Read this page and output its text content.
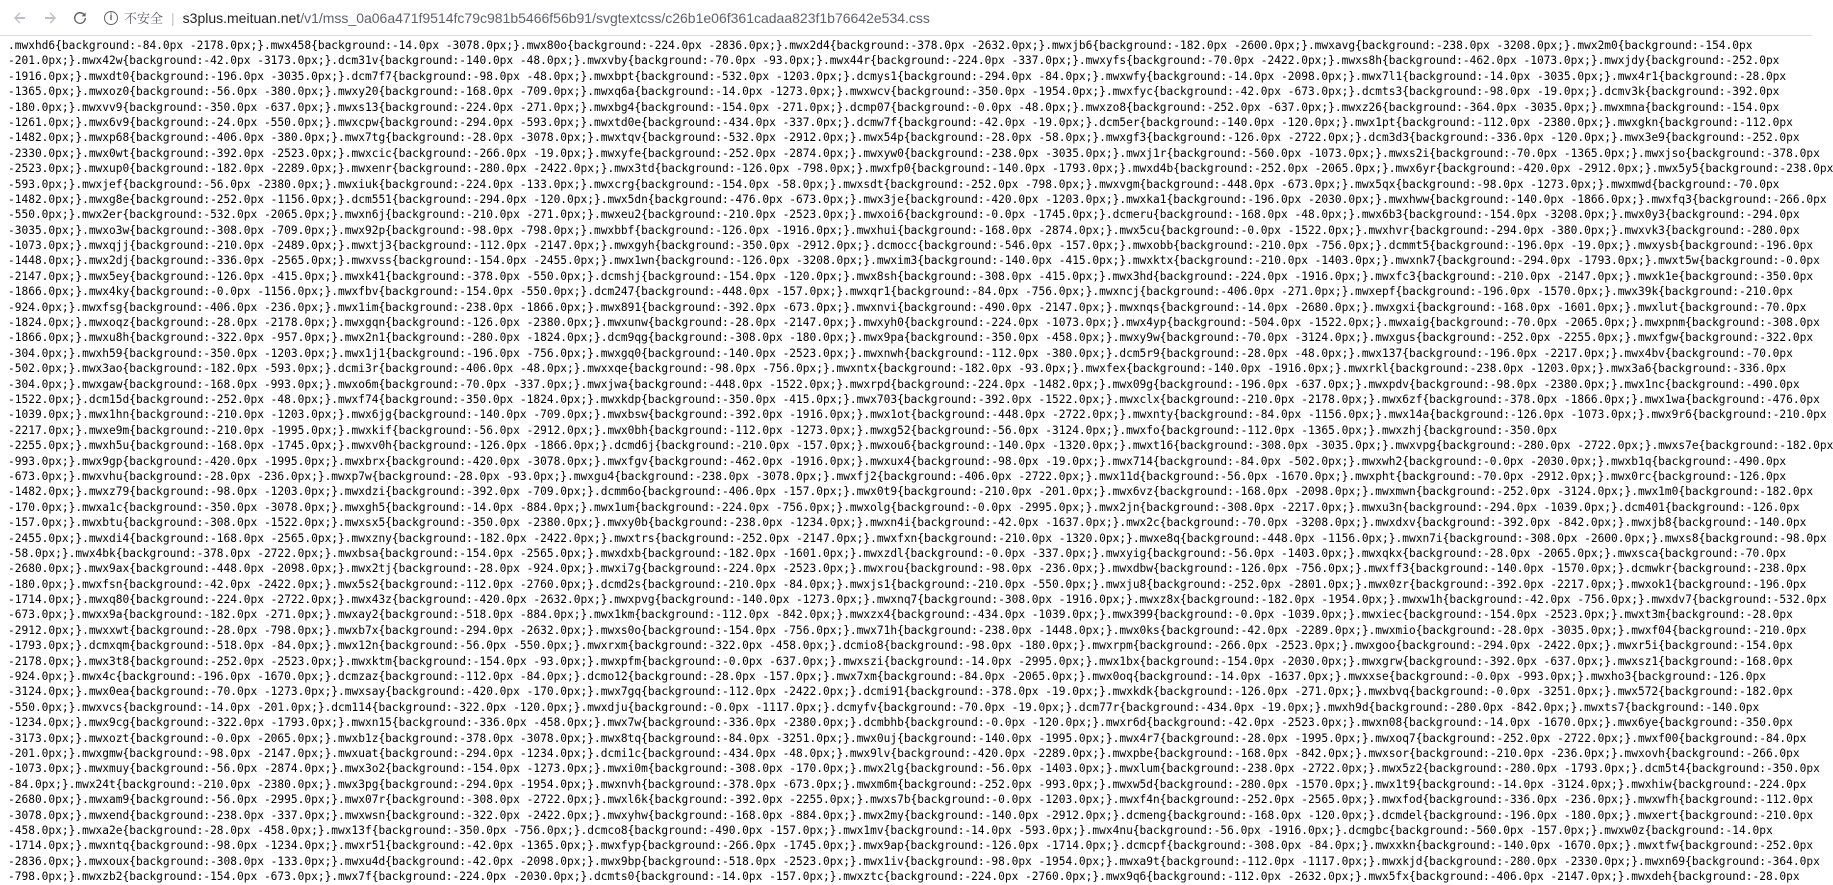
i 不安全 | s3plus.meituan.net /v1/mss_0a06a471f9514fc79c981b5466f56b91/svgtextcss/c26b1e06f361cadaa823f1b76642e534.css
.mwxhd6{background:-84.0px -2178.0px;}.mwx458{background:-14.0px -3078.0px;}.mwx80o{background:-224.0px -2836.0px;}.mwx2d4{background:-378.0px -2632.0px;}.mwxjb6{background:-182.0px -2600.0px;}.mwxavg{background:-238.0px -3208.0px;}.mwx2m0{background:-154.0px
-201.0px;}.mwx42w{background:-42.0px -3173.0px;}.dcm31v{background:-140.0px -48.0px;}.mwxvby{background:-70.0px -93.0px;}.mwx44r{background:-224.0px -337.0px;}.mwxyfs{background:-70.0px -2422.0px;}.mwxs8h{background:-462.0px -1073.0px;}.mwxjdy{background:-252.0px
-1916.0px;}.mwxdt0{background:-196.0px -3035.0px;}.dcm7f7{background:-98.0px -48.0px;}.mwxbpt{background:-532.0px -1203.0px;}.dcmys1{background:-294.0px -84.0px;}.mwxwfy{background:-14.0px -2098.0px;}.mwx7l1{background:-14.0px -3035.0px;}.mwx4r1{background:-28.0px
-1365.0px;}.mwxoz0{background:-56.0px -380.0px;}.mwxy20{background:-168.0px -709.0px;}.mwxq6a{background:-14.0px -1273.0px;}.mwxwcv{background:-350.0px -1954.0px;}.mwxfyc{background:-42.0px -673.0px;}.dcmts3{background:-98.0px -19.0px;}.dcmv3k{background:-392.0px
-180.0px;}.mwxvv9{background:-350.0px -637.0px;}.mwxs13{background:-224.0px -271.0px;}.mwxbg4{background:-154.0px -271.0px;}.dcmp07{background:-0.0px -48.0px;}.mwxzo8{background:-252.0px -637.0px;}.mwxz26{background:-364.0px -3035.0px;}.mwxmna{background:-154.0px
-1261.0px;}.mwx6v9{background:-24.0px -550.0px;}.mwxcpw{background:-294.0px -593.0px;}.mwxtd0e{background:-434.0px -337.0px;}.dcmw7f{background:-42.0px -19.0px;}.dcm5er{background:-140.0px -120.0px;}.mwx1pt{background:-112.0px -2380.0px;}.mwxgkn{background:-112.0px
-1482.0px;}.mwxp68{background:-406.0px -380.0px;}.mwx7tg{background:-28.0px -3078.0px;}.mwxtqv{background:-532.0px -2912.0px;}.mwx54p{background:-28.0px -58.0px;}.mwxgf3{background:-126.0px -2722.0px;}.dcm3d3{background:-336.0px -120.0px;}.mwx3e9{background:-252.0px
-2330.0px;}.mwx0wt{background:-392.0px -2523.0px;}.mwxcic{background:-266.0px -19.0px;}.mwxyfe{background:-252.0px -2874.0px;}.mwxyw0{background:-238.0px -3035.0px;}.mwxj1r{background:-560.0px -1073.0px;}.mwxs2i{background:-70.0px -1365.0px;}.mwxjso{background:-378.0px
-2523.0px;}.mwxup0{background:-182.0px -2289.0px;}.mwxenr{background:-280.0px -2422.0px;}.mwx3td{background:-126.0px -798.0px;}.mwxfp0{background:-140.0px -1793.0px;}.mwxd4b{background:-252.0px -2065.0px;}.mwx6yr{background:-420.0px -2912.0px;}.mwx5y5{background:-238.0px
-593.0px;}.mwxjef{background:-56.0px -2380.0px;}.mwxiuk{background:-224.0px -133.0px;}.mwxcrg{background:-154.0px -58.0px;}.mwxsdt{background:-252.0px -798.0px;}.mwxvgm{background:-448.0px -673.0px;}.mwx5qx{background:-98.0px -1273.0px;}.mwxmwd{background:-70.0px
-1482.0px;}.mwxg8e{background:-252.0px -1156.0px;}.dcm551{background:-294.0px -120.0px;}.mwx5dn{background:-476.0px -673.0px;}.mwx3je{background:-420.0px -1203.0px;}.mwxka1{background:-196.0px -2030.0px;}.mwxhww{background:-140.0px -1866.0px;}.mwxfq3{background:-266.0px
-550.0px;}.mwx2er{background:-532.0px -2065.0px;}.mwxn6j{background:-210.0px -271.0px;}.mwxeu2{background:-210.0px -2523.0px;}.mwxoi6{background:-0.0px -1745.0px;}.dcmeru{background:-168.0px -48.0px;}.mwx6b3{background:-154.0px -3208.0px;}.mwx0y3{background:-294.0px
-3035.0px;}.mwxo3w{background:-308.0px -709.0px;}.mwx92p{background:-98.0px -798.0px;}.mwxbbf{background:-126.0px -1916.0px;}.mwxhui{background:-168.0px -2874.0px;}.mwx5cu{background:-0.0px -1522.0px;}.mwxhvr{background:-294.0px -380.0px;}.mwxvk3{background:-280.0px
-1073.0px;}.mwxqjj{background:-210.0px -2489.0px;}.mwxtj3{background:-112.0px -2147.0px;}.mwxgyh{background:-350.0px -2912.0px;}.dcmocc{background:-546.0px -157.0px;}.mwxobb{background:-210.0px -756.0px;}.dcmmt5{background:-196.0px -19.0px;}.mwxysb{background:-196.0px
-1448.0px;}.mwx2dj{background:-336.0px -2565.0px;}.mwxvss{background:-154.0px -2455.0px;}.mwx1wn{background:-126.0px -3208.0px;}.mwxim3{background:-140.0px -415.0px;}.mwxktx{background:-210.0px -1403.0px;}.mwxnk7{background:-294.0px -1793.0px;}.mwxt5w{background:-0.0px
-2147.0px;}.mwx5ey{background:-126.0px -415.0px;}.mwxk41{background:-378.0px -550.0px;}.dcmshj{background:-154.0px -120.0px;}.mwx8sh{background:-308.0px -415.0px;}.mwx3hd{background:-224.0px -1916.0px;}.mwxfc3{background:-210.0px -2147.0px;}.mwxk1e{background:-350.0px
-1866.0px;}.mwx4ky{background:-0.0px -1156.0px;}.mwxfbv{background:-154.0px -550.0px;}.dcm247{background:-448.0px -157.0px;}.mwxqr1{background:-84.0px -756.0px;}.mwxncj{background:-406.0px -271.0px;}.mwxepf{background:-196.0px -1570.0px;}.mwx39k{background:-210.0px
-924.0px;}.mwxfsg{background:-406.0px -236.0px;}.mwx1im{background:-238.0px -1866.0px;}.mwx891{background:-392.0px -673.0px;}.mwxnvi{background:-490.0px -2147.0px;}.mwxnqs{background:-14.0px -2680.0px;}.mwxgxi{background:-168.0px -1601.0px;}.mwxlut{background:-70.0px
-1824.0px;}.mwxoqz{background:-28.0px -2178.0px;}.mwxgqn{background:-126.0px -2380.0px;}.mwxunw{background:-28.0px -2147.0px;}.mwxyh0{background:-224.0px -1073.0px;}.mwx4yp{background:-504.0px -1522.0px;}.mwxaig{background:-70.0px -2065.0px;}.mwxpnm{background:-308.0px
-1866.0px;}.mwxu8h{background:-322.0px -957.0px;}.mwx2n1{background:-280.0px -1824.0px;}.dcm9qg{background:-308.0px -180.0px;}.mwx9pa{background:-350.0px -458.0px;}.mwxy9w{background:-70.0px -3124.0px;}.mwxgus{background:-252.0px -2255.0px;}.mwxfgw{background:-322.0px
-304.0px;}.mwxh59{background:-350.0px -1203.0px;}.mwx1j1{background:-196.0px -756.0px;}.mwxgq0{background:-140.0px -2523.0px;}.mwxnwh{background:-112.0px -380.0px;}.dcm5r9{background:-28.0px -48.0px;}.mwx137{background:-196.0px -2217.0px;}.mwx4bv{background:-70.0px
-502.0px;}.mwx3ao{background:-182.0px -593.0px;}.dcmi3r{background:-406.0px -48.0px;}.mwxxqe{background:-98.0px -756.0px;}.mwxntx{background:-182.0px -93.0px;}.mwxfex{background:-140.0px -1916.0px;}.mwxrkl{background:-238.0px -1203.0px;}.mwx3a6{background:-336.0px
-304.0px;}.mwxgaw{background:-168.0px -993.0px;}.mwxo6m{background:-70.0px -337.0px;}.mwxjwa{background:-448.0px -1522.0px;}.mwxrpd{background:-224.0px -1482.0px;}.mwx09g{background:-196.0px -637.0px;}.mwxpdv{background:-98.0px -2380.0px;}.mwx1nc{background:-490.0px
-1522.0px;}.dcm15d{background:-252.0px -48.0px;}.mwxf74{background:-350.0px -1824.0px;}.mwxkdp{background:-350.0px -415.0px;}.mwx703{background:-392.0px -1522.0px;}.mwxclx{background:-210.0px -2178.0px;}.mwx6zf{background:-378.0px -1866.0px;}.mwx1wa{background:-476.0px
-1039.0px;}.mwx1hn{background:-210.0px -1203.0px;}.mwx6jg{background:-140.0px -709.0px;}.mwxbsw{background:-392.0px -1916.0px;}.mwx1ot{background:-448.0px -2722.0px;}.mwxnty{background:-84.0px -1156.0px;}.mwx14a{background:-126.0px -1073.0px;}.mwx9r6{background:-210.0px
-2217.0px;}.mwxe9m{background:-210.0px -1995.0px;}.mwxkif{background:-56.0px -2912.0px;}.mwx0bh{background:-112.0px -1273.0px;}.mwxg52{background:-56.0px -3124.0px;}.mwxfo{background:-112.0px -1365.0px;}.mwxzhj{background:-350.0px
-2255.0px;}.mwxh5u{background:-168.0px -1745.0px;}.mwxv0h{background:-126.0px -1866.0px;}.dcmd6j{background:-210.0px -157.0px;}.mwxou6{background:-140.0px -1320.0px;}.mwxt16{background:-308.0px -3035.0px;}.mwxvpg{background:-280.0px -2722.0px;}.mwxs7e{background:-182.0px
-993.0px;}.mwx9gp{background:-420.0px -1995.0px;}.mwxbrx{background:-420.0px -3078.0px;}.mwxfgv{background:-462.0px -1916.0px;}.mwxux4{background:-98.0px -19.0px;}.mwx714{background:-84.0px -502.0px;}.mwxwh2{background:-0.0px -2030.0px;}.mwxb1q{background:-490.0px
-673.0px;}.mwxvhu{background:-28.0px -236.0px;}.mwxp7w{background:-28.0px -93.0px;}.mwxgu4{background:-238.0px -3078.0px;}.mwxfj2{background:-406.0px -2722.0px;}.mwx11d{background:-56.0px -1670.0px;}.mwxpht{background:-70.0px -2912.0px;}.mwx0rc{background:-126.0px
-1482.0px;}.mwxz79{background:-98.0px -1203.0px;}.mwxdzi{background:-392.0px -709.0px;}.dcmm6o{background:-406.0px -157.0px;}.mwx0t9{background:-210.0px -201.0px;}.mwx6vz{background:-168.0px -2098.0px;}.mwxmwn{background:-252.0px -3124.0px;}.mwx1m0{background:-182.0px
-170.0px;}.mwxa1c{background:-350.0px -3078.0px;}.mwxgh5{background:-14.0px -884.0px;}.mwx1um{background:-224.0px -756.0px;}.mwxolg{background:-0.0px -2995.0px;}.mwx2jn{background:-308.0px -2217.0px;}.mwxu3n{background:-294.0px -1039.0px;}.dcm401{background:-126.0px
-157.0px;}.mwxbtu{background:-308.0px -1522.0px;}.mwxsx5{background:-350.0px -2380.0px;}.mwxy0b{background:-238.0px -1234.0px;}.mwxn4i{background:-42.0px -1637.0px;}.mwx2c{background:-70.0px -3208.0px;}.mwxdxv{background:-392.0px -842.0px;}.mwxjb8{background:-140.0px
-2455.0px;}.mwxdi4{background:-168.0px -2565.0px;}.mwxzny{background:-182.0px -2422.0px;}.mwxtrs{background:-252.0px -2147.0px;}.mwxfxn{background:-210.0px -1320.0px;}.mwxe8q{background:-448.0px -1156.0px;}.mwxn7i{background:-308.0px -2600.0px;}.mwxs8{background:-98.0px
-58.0px;}.mwx4bk{background:-378.0px -2722.0px;}.mwxbsa{background:-154.0px -2565.0px;}.mwxdxb{background:-182.0px -1601.0px;}.mwxzdl{background:-0.0px -337.0px;}.mwxyig{background:-56.0px -1403.0px;}.mwxqkx{background:-28.0px -2065.0px;}.mwxsca{background:-70.0px
-2680.0px;}.mwx9ax{background:-448.0px -2098.0px;}.mwx2tj{background:-28.0px -924.0px;}.mwxi7g{background:-224.0px -2523.0px;}.mwxrou{background:-98.0px -236.0px;}.mwxdbw{background:-126.0px -756.0px;}.mwxff3{background:-140.0px -1570.0px;}.dcmwkr{background:-238.0px
-180.0px;}.mwxfsn{background:-42.0px -2422.0px;}.mwx5s2{background:-112.0px -2760.0px;}.dcmd2s{background:-210.0px -84.0px;}.mwxjs1{background:-210.0px -550.0px;}.mwxju8{background:-252.0px -2801.0px;}.mwx0zr{background:-392.0px -2217.0px;}.mwxok1{background:-196.0px
-1714.0px;}.mwxq80{background:-224.0px -2722.0px;}.mwx43z{background:-420.0px -2632.0px;}.mwxpvg{background:-140.0px -1273.0px;}.mwxnq7{background:-308.0px -1916.0px;}.mwxz8x{background:-182.0px -1954.0px;}.mwxw1h{background:-42.0px -756.0px;}.mwxdv7{background:-532.0px
-673.0px;}.mwxx9a{background:-182.0px -271.0px;}.mwxay2{background:-518.0px -884.0px;}.mwx1km{background:-112.0px -842.0px;}.mwxzx4{background:-434.0px -1039.0px;}.mwx399{background:-0.0px -1039.0px;}.mwxiec{background:-154.0px -2523.0px;}.mwxt3m{background:-28.0px
-2912.0px;}.mwxxwt{background:-28.0px -798.0px;}.mwxb7x{background:-294.0px -2632.0px;}.mwxs0o{background:-154.0px -756.0px;}.mwx71h{background:-238.0px -1448.0px;}.mwx0ks{background:-42.0px -2289.0px;}.mwxmio{background:-28.0px -3035.0px;}.mwxf04{background:-210.0px
-1793.0px;}.dcmxqm{background:-518.0px -84.0px;}.mwx12n{background:-56.0px -550.0px;}.mwxrxm{background:-322.0px -458.0px;}.dcmio8{background:-98.0px -180.0px;}.mwxrpm{background:-266.0px -2523.0px;}.mwxgoo{background:-294.0px -2422.0px;}.mwxr5i{background:-154.0px
-2178.0px;}.mwx3t8{background:-252.0px -2523.0px;}.mwxktm{background:-154.0px -93.0px;}.mwxpfm{background:-0.0px -637.0px;}.mwxszi{background:-14.0px -2995.0px;}.mwx1bx{background:-154.0px -2030.0px;}.mwxgrw{background:-392.0px -637.0px;}.mwxsz1{background:-168.0px
-924.0px;}.mwx4c{background:-196.0px -1670.0px;}.dcmzaz{background:-112.0px -84.0px;}.dcmo12{background:-28.0px -157.0px;}.mwx7xm{background:-84.0px -2065.0px;}.mwx0oq{background:-14.0px -1637.0px;}.mwxxse{background:-0.0px -993.0px;}.mwxho3{background:-126.0px
-3124.0px;}.mwx0ea{background:-70.0px -1273.0px;}.mwxsay{background:-420.0px -170.0px;}.mwx7gq{background:-112.0px -2422.0px;}.dcmi91{background:-378.0px -19.0px;}.mwxkdk{background:-126.0px -271.0px;}.mwxbvq{background:-0.0px -3251.0px;}.mwx572{background:-182.0px
-550.0px;}.mwxvcs{background:-14.0px -201.0px;}.dcm114{background:-322.0px -120.0px;}.mwxdju{background:-0.0px -1117.0px;}.dcmyfv{background:-70.0px -19.0px;}.dcm77r{background:-434.0px -19.0px;}.mwxh9d{background:-280.0px -842.0px;}.mwxts7{background:-140.0px
-1234.0px;}.mwx9cg{background:-322.0px -1793.0px;}.mwxn15{background:-336.0px -458.0px;}.mwx7w{background:-336.0px -2380.0px;}.dcmbhb{background:-0.0px -120.0px;}.mwxr6d{background:-42.0px -2523.0px;}.mwxn08{background:-14.0px -1670.0px;}.mwx6ye{background:-350.0px
-3173.0px;}.mwxozt{background:-0.0px -2065.0px;}.mwxb1z{background:-378.0px -3078.0px;}.mwx8tq{background:-84.0px -3251.0px;}.mwx0uj{background:-140.0px -1995.0px;}.mwx4r7{background:-28.0px -1995.0px;}.mwxoq7{background:-252.0px -2722.0px;}.mwxf00{background:-84.0px
-201.0px;}.mwxgmw{background:-98.0px -2147.0px;}.mwxuat{background:-294.0px -1234.0px;}.dcmi1c{background:-434.0px -48.0px;}.mwx9lv{background:-420.0px -2289.0px;}.mwxpbe{background:-168.0px -842.0px;}.mwxsor{background:-210.0px -236.0px;}.mwxovh{background:-266.0px
-1073.0px;}.mwxmuy{background:-56.0px -2874.0px;}.mwx3o2{background:-154.0px -1273.0px;}.mwxi0m{background:-308.0px -170.0px;}.mwx2lg{background:-56.0px -1403.0px;}.mwxlum{background:-238.0px -2722.0px;}.mwx5z2{background:-280.0px -1793.0px;}.dcm5t4{background:-350.0px
-84.0px;}.mwx24t{background:-210.0px -2380.0px;}.mwx3pg{background:-294.0px -1954.0px;}.mwxnvh{background:-378.0px -673.0px;}.mwxm6m{background:-252.0px -993.0px;}.mwxw5d{background:-280.0px -1570.0px;}.mwx1t9{background:-14.0px -3124.0px;}.mwxhiw{background:-224.0px
-2680.0px;}.mwxam9{background:-56.0px -2995.0px;}.mwx07r{background:-308.0px -2722.0px;}.mwxl6k{background:-392.0px -2255.0px;}.mwxs7b{background:-0.0px -1203.0px;}.mwxf4n{background:-252.0px -2565.0px;}.mwxfod{background:-336.0px -236.0px;}.mwxwfh{background:-112.0px
-3078.0px;}.mwxend{background:-238.0px -337.0px;}.mwxwsn{background:-322.0px -2422.0px;}.mwxyhw{background:-168.0px -884.0px;}.mwx2my{background:-140.0px -2912.0px;}.dcmeng{background:-168.0px -120.0px;}.dcmdel{background:-196.0px -180.0px;}.mwxert{background:-210.0px
-458.0px;}.mwxa2e{background:-28.0px -458.0px;}.mwx13f{background:-350.0px -756.0px;}.dcmco8{background:-490.0px -157.0px;}.mwx1mv{background:-14.0px -593.0px;}.mwx4nu{background:-56.0px -1916.0px;}.dcmgbc{background:-560.0px -157.0px;}.mwxw0z{background:-14.0px
-1714.0px;}.mwxntq{background:-98.0px -1234.0px;}.mwxr51{background:-42.0px -1365.0px;}.mwxfyp{background:-266.0px -1745.0px;}.mwx9ap{background:-126.0px -1714.0px;}.dcmcpf{background:-308.0px -84.0px;}.mwxxkn{background:-140.0px -1670.0px;}.mwxtfw{background:-252.0px
-2836.0px;}.mwxoux{background:-308.0px -133.0px;}.mwxu4d{background:-42.0px -2098.0px;}.mwx9bp{background:-518.0px -2523.0px;}.mwx1iv{background:-98.0px -1954.0px;}.mwxa9t{background:-112.0px -1117.0px;}.mwxkjd{background:-280.0px -2330.0px;}.mwxn69{background:-364.0px
-798.0px;}.mwxzb2{background:-154.0px -673.0px;}.mwx7f{background:-224.0px -2030.0px;}.dcmts0{background:-14.0px -157.0px;}.mwxztc{background:-224.0px -2760.0px;}.mwx9q6{background:-112.0px -2632.0px;}.mwx5fx{background:-406.0px -2147.0px;}.mwxdeh{background:-28.0px
